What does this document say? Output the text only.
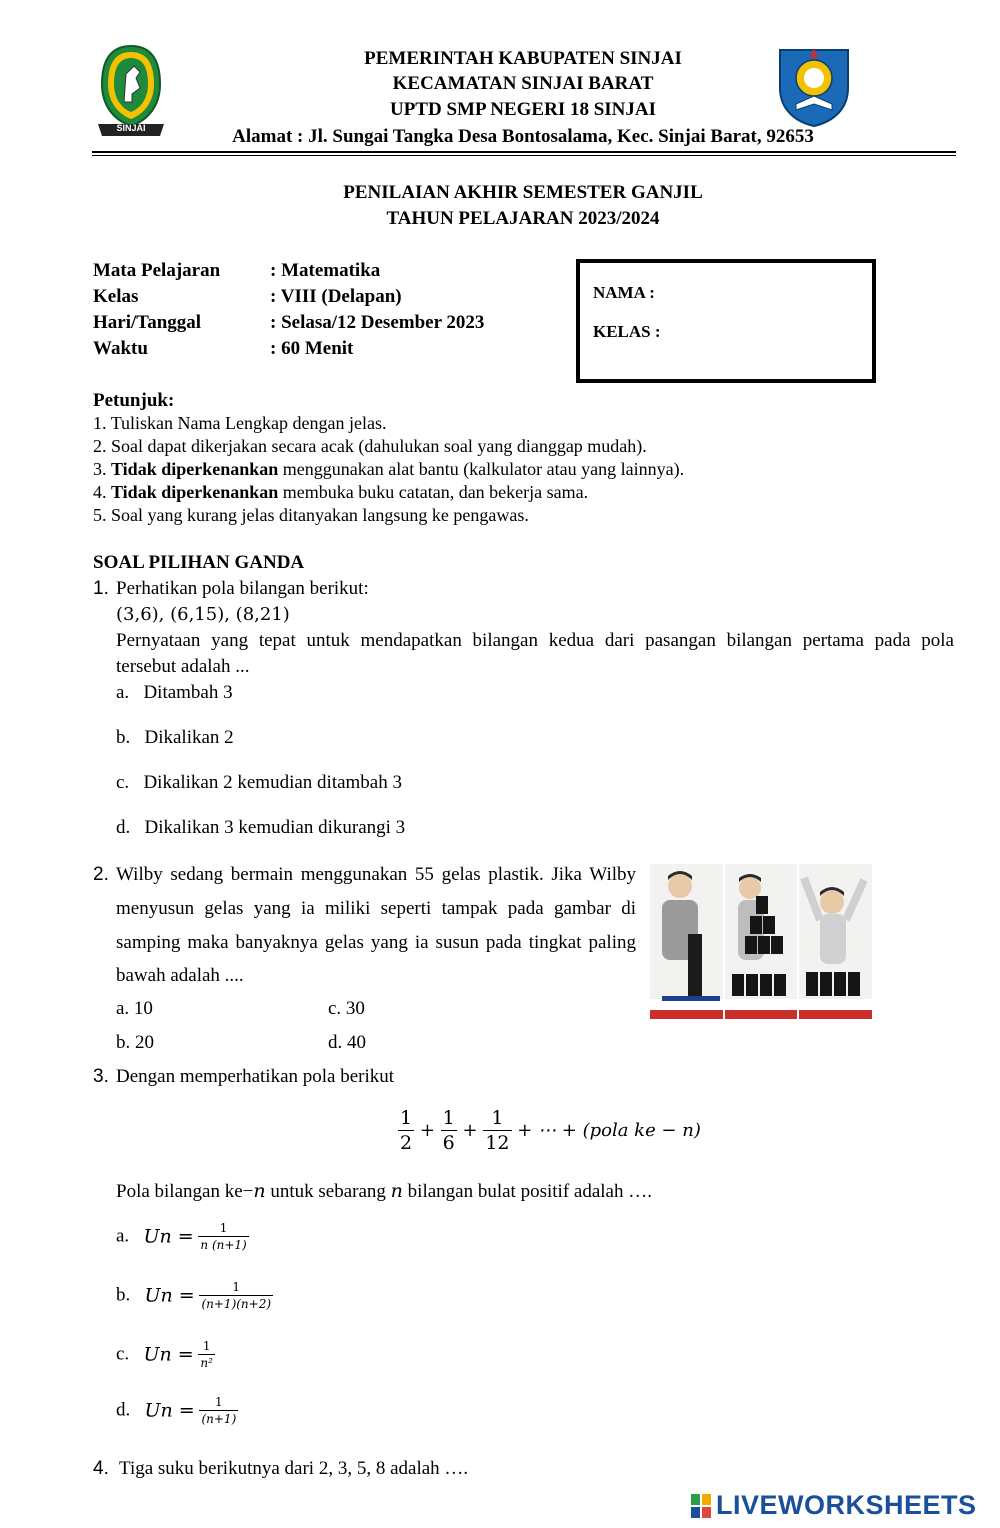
SINJAI
PEMERINTAH KABUPATEN SINJAI
KECAMATAN SINJAI BARAT
UPTD SMP NEGERI 18 SINJAI
Alamat : Jl. Sungai Tangka Desa Bontosalama, Kec. Sinjai Barat, 92653
PENILAIAN AKHIR SEMESTER GANJIL
TAHUN PELAJARAN 2023/2024
Mata Pelajaran	: Matematika
Kelas	: VIII (Delapan)
Hari/Tanggal	: Selasa/12 Desember 2023
Waktu	: 60 Menit
NAMA :
KELAS :
Petunjuk:
1. Tuliskan Nama Lengkap dengan jelas.
2. Soal dapat dikerjakan secara acak (dahulukan soal yang dianggap mudah).
3. Tidak diperkenankan menggunakan alat bantu (kalkulator atau yang lainnya).
4. Tidak diperkenankan membuka buku catatan, dan bekerja sama.
5. Soal yang kurang jelas ditanyakan langsung ke pengawas.
SOAL PILIHAN GANDA
1. Perhatikan pola bilangan berikut:
(3,6), (6,15), (8,21)
Pernyataan yang tepat untuk mendapatkan bilangan kedua dari pasangan bilangan pertama pada pola
tersebut adalah ...
a. Ditambah 3
b. Dikalikan 2
c. Dikalikan 2 kemudian ditambah 3
d. Dikalikan 3 kemudian dikurangi 3
2. Wilby sedang bermain menggunakan 55 gelas plastik. Jika Wilby
menyusun gelas yang ia miliki seperti tampak pada gambar di
samping maka banyaknya gelas yang ia susun pada tingkat paling
bawah adalah ....
a. 10	c. 30
b. 20	d. 40
3. Dengan memperhatikan pola berikut
$\frac{1}{2} + \frac{1}{6} + \frac{1}{12}$ + ⋯ + (pola ke − n)
Pola bilangan ke−n untuk sebarang n bilangan bulat positif adalah ….
a. $Un = \frac{1}{n (n+1)}$
b. $Un = \frac{1}{(n+1)(n+2)}$
c. $Un = \frac{1}{\text{n²}}$
d. $Un = \frac{1}{(n+1)}$
4. Tiga suku berikutnya dari 2, 3, 5, 8 adalah ….
LIVEWORKSHEETS
